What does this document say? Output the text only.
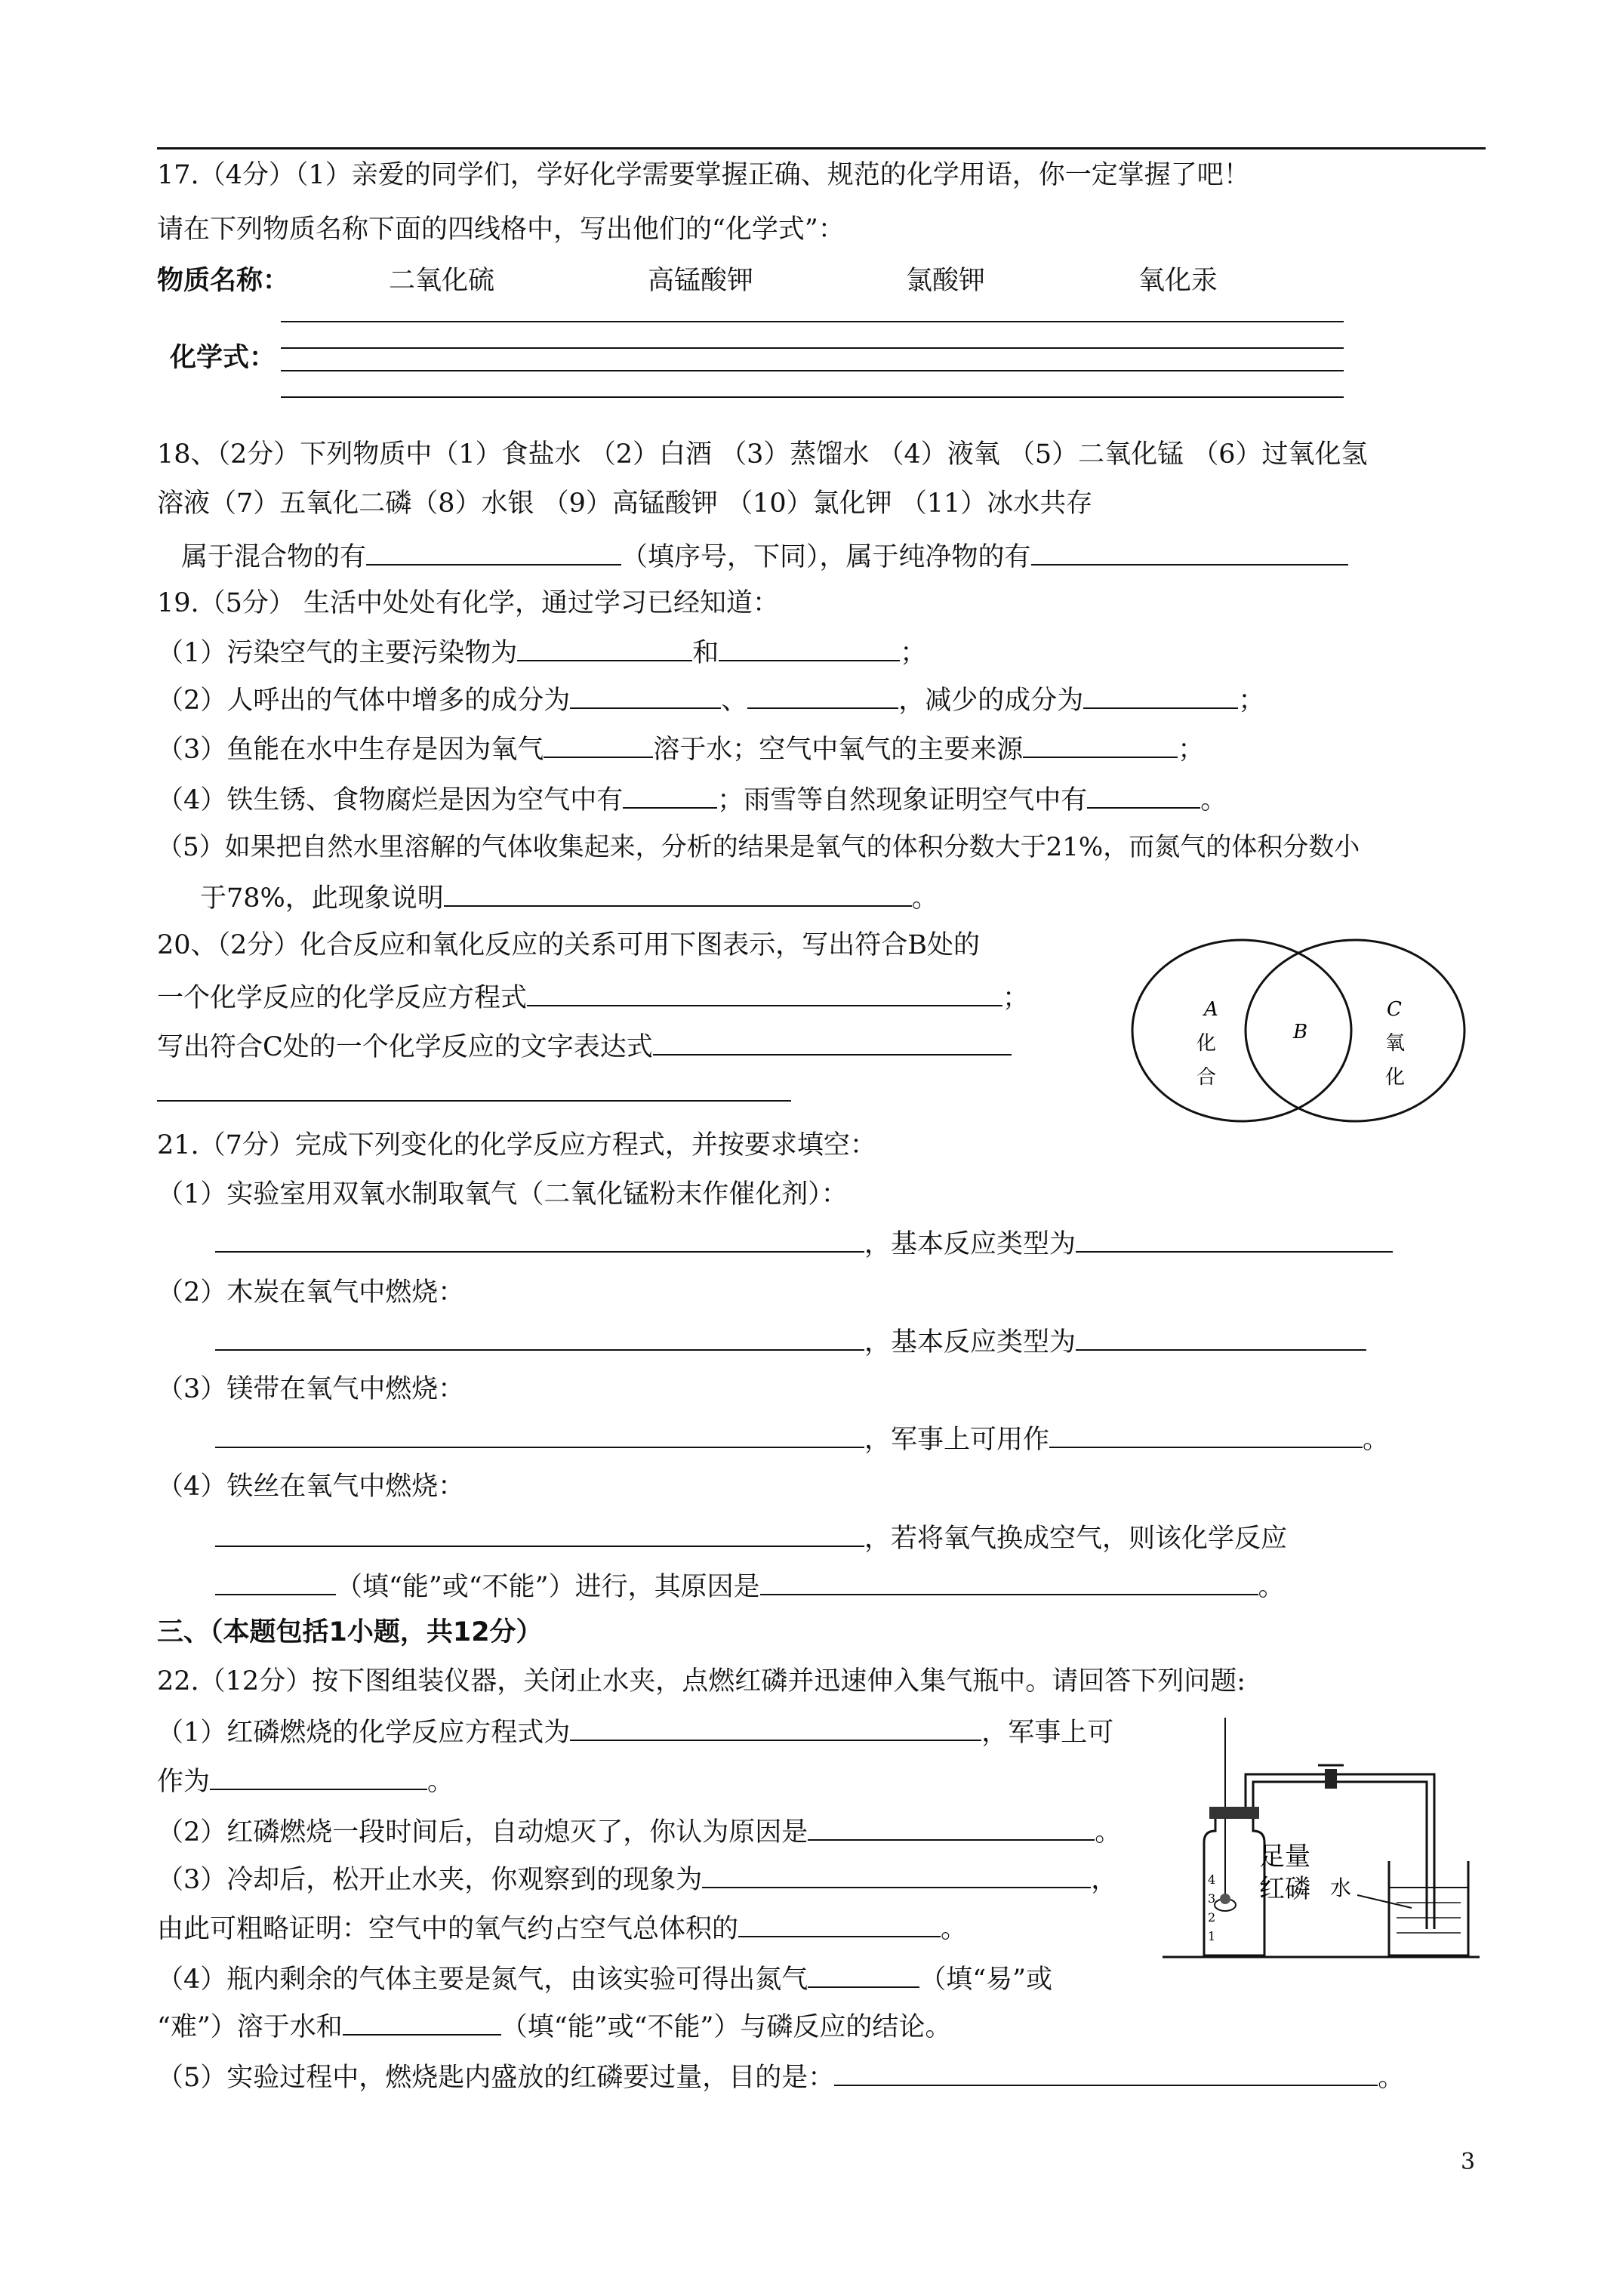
17.（4分）（1）亲爱的同学们，学好化学需要掌握正确、规范的化学用语，你一定掌握了吧！
请在下列物质名称下面的四线格中，写出他们的“化学式”：
物质名称：	二氧化硫	高锰酸钾	氯酸钾	氧化汞
化学式：
18、（2分）下列物质中（1）食盐水 （2）白酒 （3）蒸馏水 （4）液氧 （5）二氧化锰 （6）过氧化氢
溶液（7）五氧化二磷（8）水银 （9）高锰酸钾 （10）氯化钾 （11）冰水共存
属于混合物的有	（填序号，下同），属于纯净物的有
19.（5分） 生活中处处有化学，通过学习已经知道：
（1）污染空气的主要污染物为	和	；
（2）人呼出的气体中增多的成分为	、	，减少的成分为	；
（3）鱼能在水中生存是因为氧气	溶于水；空气中氧气的主要来源	；
（4）铁生锈、食物腐烂是因为空气中有	；雨雪等自然现象证明空气中有	。
（5）如果把自然水里溶解的气体收集起来，分析的结果是氧气的体积分数大于21%，而氮气的体积分数小
于78%，此现象说明	。
20、（2分）化合反应和氧化反应的关系可用下图表示，写出符合B处的
一个化学反应的化学反应方程式	；
写出符合C处的一个化学反应的文字表达式
A
化
合
B
C
氧
化
21.（7分）完成下列变化的化学反应方程式，并按要求填空：
（1）实验室用双氧水制取氧气（二氧化锰粉末作催化剂）：
，基本反应类型为
（2）木炭在氧气中燃烧：
，基本反应类型为
（3）镁带在氧气中燃烧：
，军事上可用作	。
（4）铁丝在氧气中燃烧：
，若将氧气换成空气，则该化学反应
（填“能”或“不能”）进行，其原因是	。
三、（本题包括1小题，共12分）
22.（12分）按下图组装仪器，关闭止水夹，点燃红磷并迅速伸入集气瓶中。请回答下列问题:
（1）红磷燃烧的化学反应方程式为	，军事上可
作为	。
（2）红磷燃烧一段时间后，自动熄灭了，你认为原因是	。
（3）冷却后，松开止水夹，你观察到的现象为	，
由此可粗略证明：空气中的氧气约占空气总体积的	。
（4）瓶内剩余的气体主要是氮气，由该实验可得出氮气	（填“易”或
“难”）溶于水和	（填“能”或“不能”）与磷反应的结论。
（5）实验过程中，燃烧匙内盛放的红磷要过量，目的是：	。
足量
红磷 水
4
3
2
1
3
